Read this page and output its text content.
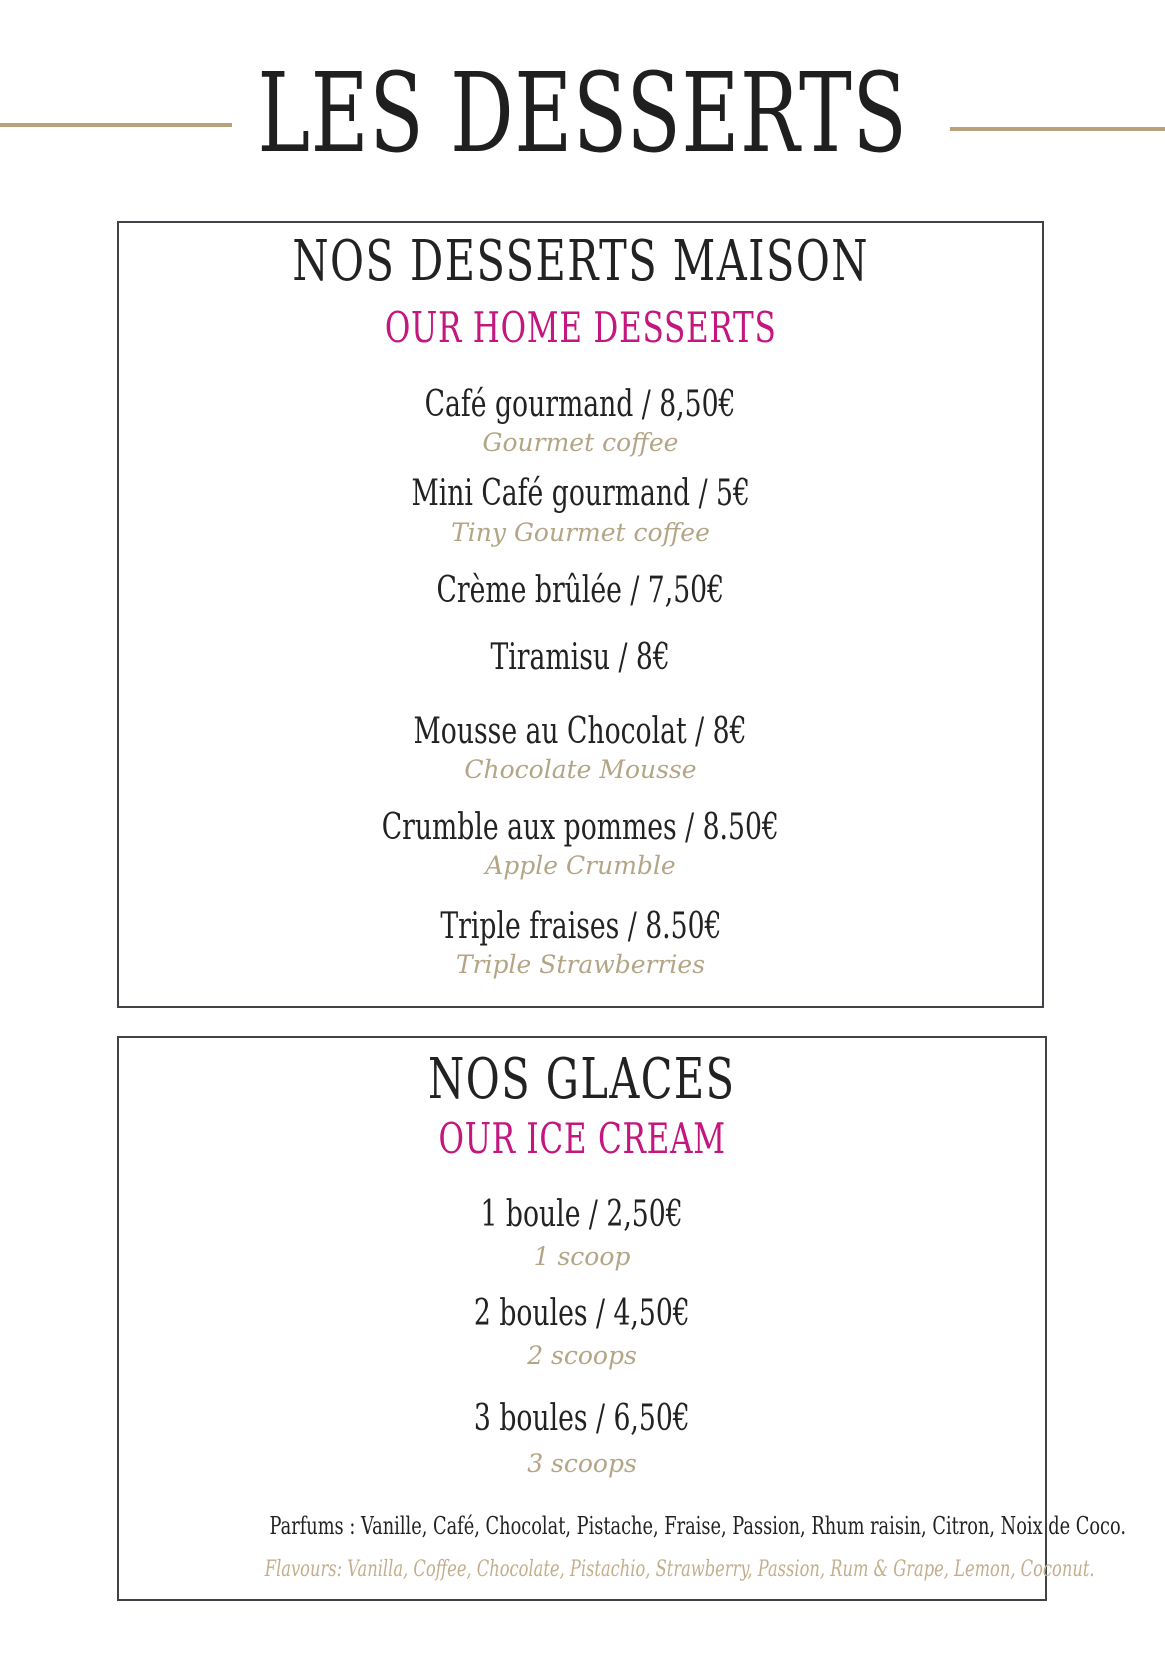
LES DESSERTS
NOS DESSERTS MAISON
OUR HOME DESSERTS
Café gourmand / 8,50€
Gourmet coffee
Mini Café gourmand / 5€
Tiny Gourmet coffee
Crème brûlée / 7,50€
Tiramisu / 8€
Mousse au Chocolat / 8€
Chocolate Mousse
Crumble aux pommes / 8.50€
Apple Crumble
Triple fraises / 8.50€
Triple Strawberries
NOS GLACES
OUR ICE CREAM
1 boule / 2,50€
1 scoop
2 boules / 4,50€
2 scoops
3 boules / 6,50€
3 scoops
Parfums : Vanille, Café, Chocolat, Pistache, Fraise, Passion, Rhum raisin, Citron, Noix de Coco.
Flavours: Vanilla, Coffee, Chocolate, Pistachio, Strawberry, Passion, Rum & Grape, Lemon, Coconut.
